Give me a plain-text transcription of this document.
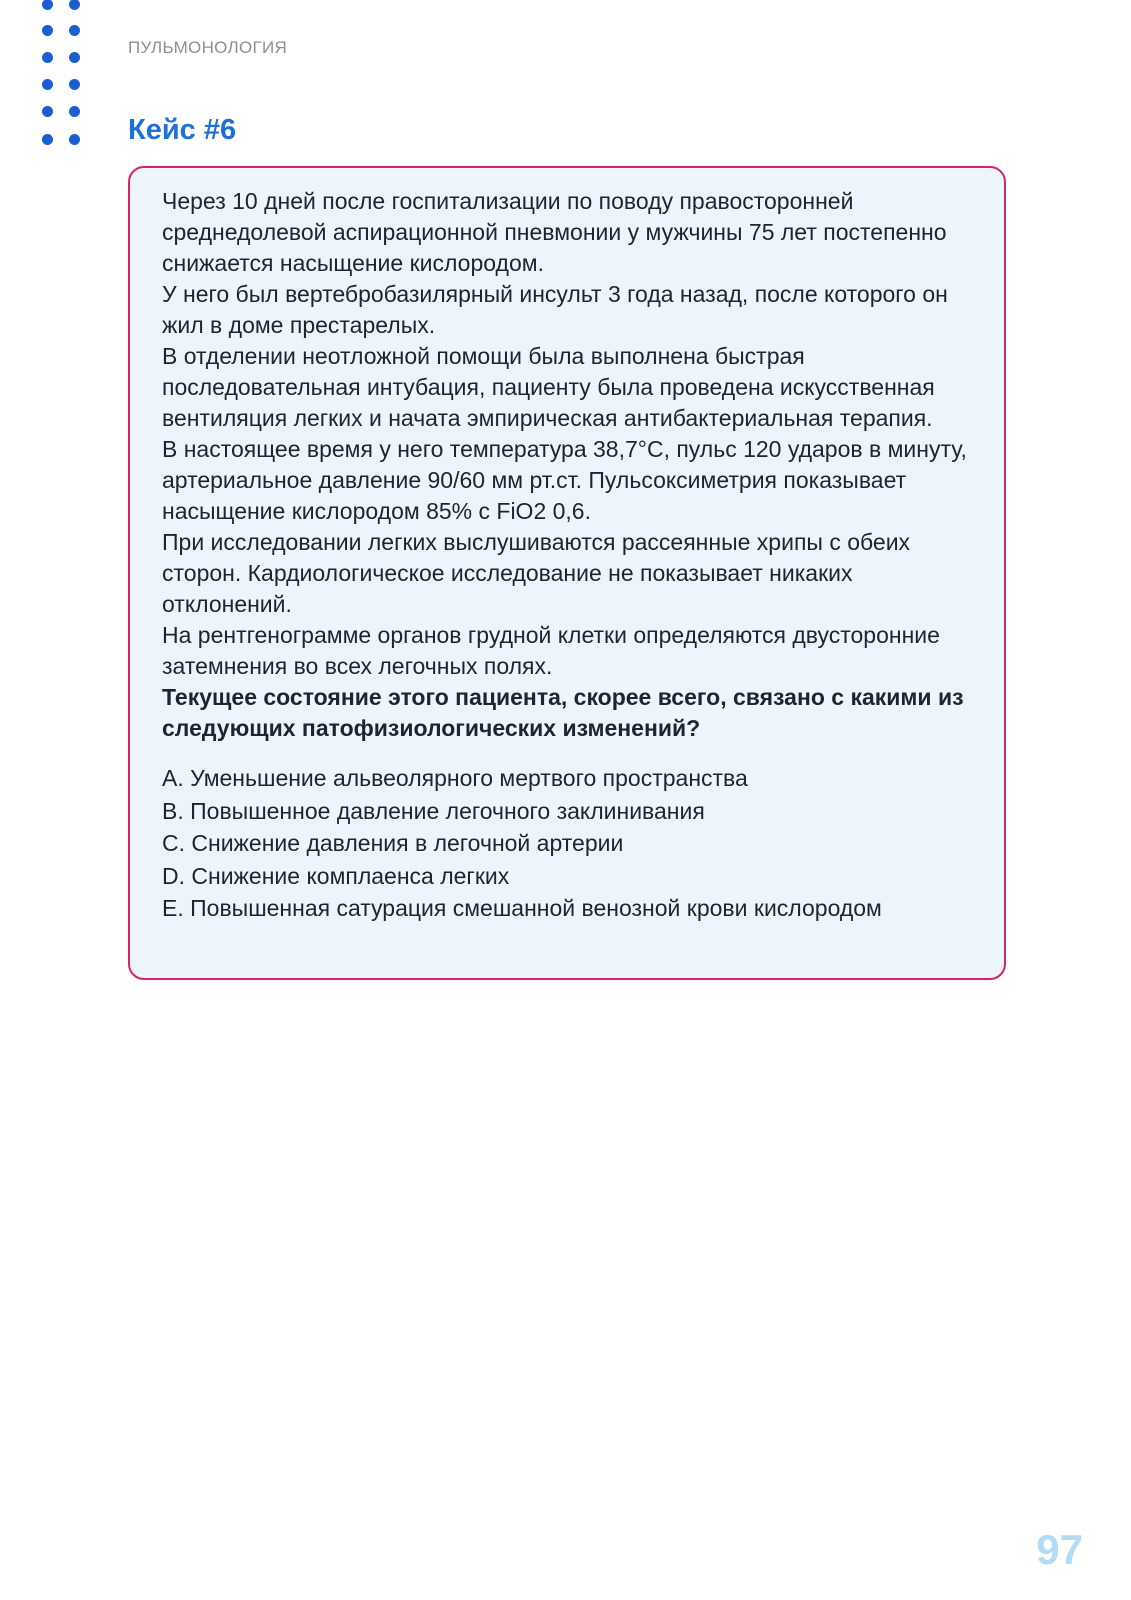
ПУЛЬМОНОЛОГИЯ
Кейс #6

Через 10 дней после госпитализации по поводу правосторонней среднедолевой аспирационной пневмонии у мужчины 75 лет постепенно снижается насыщение кислородом.

У него был вертебробазилярный инсульт 3 года назад, после которого он жил в доме престарелых.

В отделении неотложной помощи была выполнена быстрая последовательная интубация, пациенту была проведена искусственная вентиляция легких и начата эмпирическая антибактериальная терапия.

В настоящее время у него температура 38,7°C, пульс 120 ударов в минуту, артериальное давление 90/60 мм рт.ст. Пульсоксиметрия показывает насыщение кислородом 85% с FiO2 0,6.

При исследовании легких выслушиваются рассеянные хрипы с обеих сторон. Кардиологическое исследование не показывает никаких отклонений.

На рентгенограмме органов грудной клетки определяются двусторонние затемнения во всех легочных полях.

Текущее состояние этого пациента, скорее всего, связано с какими из следующих патофизиологических изменений?

A. Уменьшение альвеолярного мертвого пространства
B. Повышенное давление легочного заклинивания
C. Снижение давления в легочной артерии
D. Снижение комплаенса легких
E. Повышенная сатурация смешанной венозной крови кислородом
97
